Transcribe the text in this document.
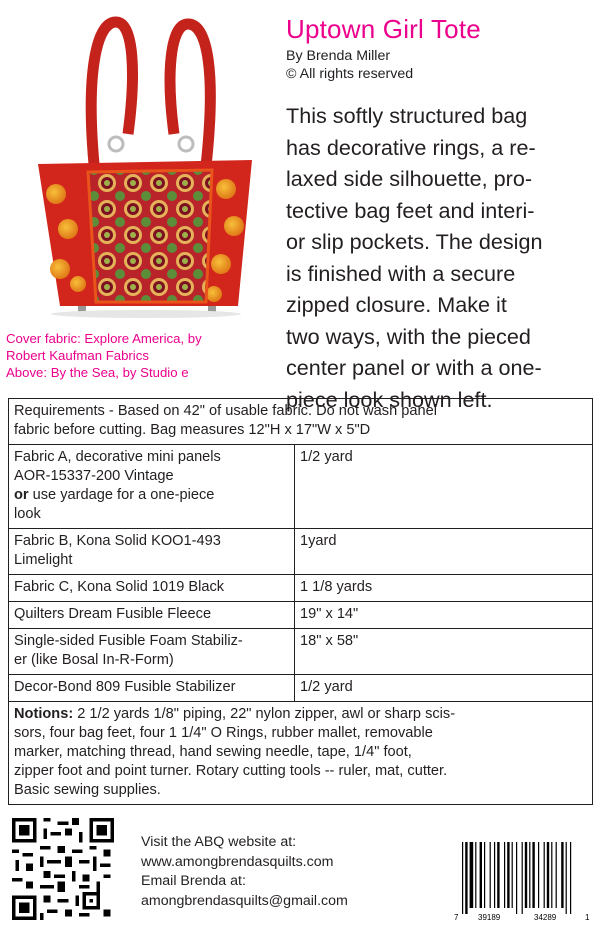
Cover fabric: Explore America, by
Robert Kaufman Fabrics
Above: By the Sea, by Studio e
Uptown Girl Tote
By Brenda Miller
© All rights reserved
This softly structured bag
has decorative rings, a re-
laxed side silhouette, pro-
tective bag feet and interi-
or slip pockets. The design
is finished with a secure
zipped closure. Make it
two ways, with the pieced
center panel or with a one-
piece look shown left.
Requirements - Based on 42" of usable fabric. Do not wash panel
fabric before cutting. Bag measures 12"H x 17"W x 5"D	

Fabric A, decorative mini panels
AOR-15337-200 Vintage
or use yardage for a one-piece
look	1/2 yard

Fabric B, Kona Solid KOO1-493
Limelight	1yard

Fabric C, Kona Solid 1019 Black	1 1/8 yards

Quilters Dream Fusible Fleece	19" x 14"

Single-sided Fusible Foam Stabiliz-
er (like Bosal In-R-Form)	18" x 58"

Decor-Bond 809 Fusible Stabilizer	1/2 yard

Notions: 2 1/2 yards 1/8" piping, 22" nylon zipper, awl or sharp scis-
sors, four bag feet, four 1 1/4" O Rings, rubber mallet, removable
marker, matching thread, hand sewing needle, tape, 1/4" foot,
zipper foot and point turner. Rotary cutting tools -- ruler, mat, cutter.
Basic sewing supplies.	
Visit the ABQ website at:
www.amongbrendasquilts.com
Email Brenda at:
amongbrendasquilts@gmail.com
7 39189	34289	1
